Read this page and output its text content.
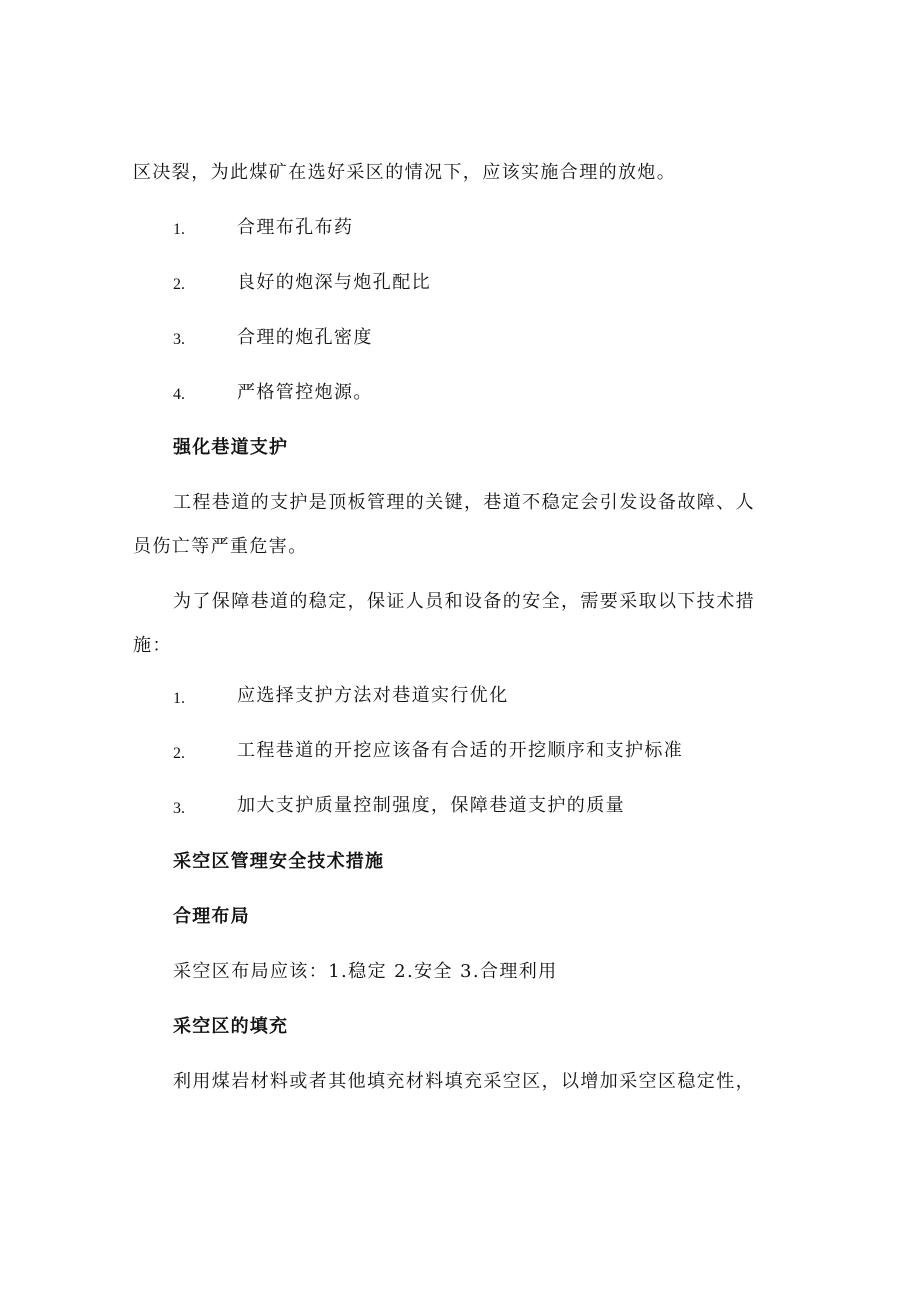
区决裂，为此煤矿在选好采区的情况下，应该实施合理的放炮。
1.	合理布孔布药
2.	良好的炮深与炮孔配比
3.	合理的炮孔密度
4.	严格管控炮源。
强化巷道支护
工程巷道的支护是顶板管理的关键，巷道不稳定会引发设备故障、人
员伤亡等严重危害。
为了保障巷道的稳定，保证人员和设备的安全，需要采取以下技术措
施：
1.	应选择支护方法对巷道实行优化
2.	工程巷道的开挖应该备有合适的开挖顺序和支护标准
3.	加大支护质量控制强度，保障巷道支护的质量
采空区管理安全技术措施
合理布局
采空区布局应该：1.稳定 2.安全 3.合理利用
采空区的填充
利用煤岩材料或者其他填充材料填充采空区，以增加采空区稳定性，
